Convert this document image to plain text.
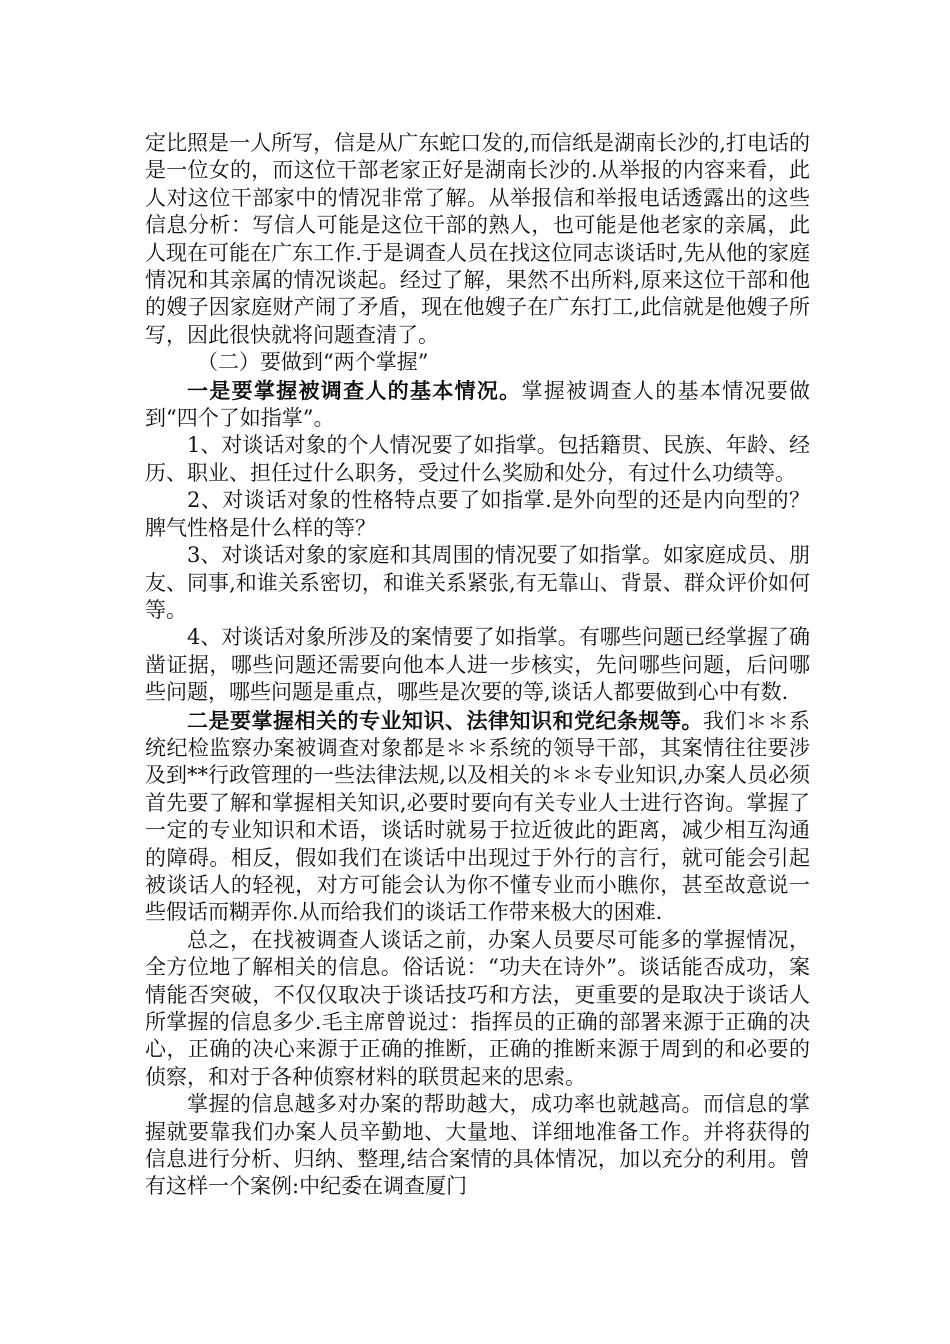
定比照是一人所写，信是从广东蛇口发的,而信纸是湖南长沙的,打电话的是一位女的，而这位干部老家正好是湖南长沙的.从举报的内容来看，此人对这位干部家中的情况非常了解。从举报信和举报电话透露出的这些信息分析：写信人可能是这位干部的熟人，也可能是他老家的亲属，此人现在可能在广东工作.于是调查人员在找这位同志谈话时,先从他的家庭情况和其亲属的情况谈起。经过了解，果然不出所料,原来这位干部和他的嫂子因家庭财产闹了矛盾，现在他嫂子在广东打工,此信就是他嫂子所写，因此很快就将问题查清了。

（二）要做到“两个掌握”

一是要掌握被调查人的基本情况。掌握被调查人的基本情况要做到“四个了如指掌”。

1、对谈话对象的个人情况要了如指掌。包括籍贯、民族、年龄、经历、职业、担任过什么职务，受过什么奖励和处分，有过什么功绩等。

2、对谈话对象的性格特点要了如指掌.是外向型的还是内向型的？脾气性格是什么样的等？

3、对谈话对象的家庭和其周围的情况要了如指掌。如家庭成员、朋友、同事,和谁关系密切，和谁关系紧张,有无靠山、背景、群众评价如何等。

4、对谈话对象所涉及的案情要了如指掌。有哪些问题已经掌握了确凿证据，哪些问题还需要向他本人进一步核实，先问哪些问题，后问哪些问题，哪些问题是重点，哪些是次要的等,谈话人都要做到心中有数.

二是要掌握相关的专业知识、法律知识和党纪条规等。我们＊＊系统纪检监察办案被调查对象都是＊＊系统的领导干部，其案情往往要涉及到**行政管理的一些法律法规,以及相关的＊＊专业知识,办案人员必须首先要了解和掌握相关知识,必要时要向有关专业人士进行咨询。掌握了一定的专业知识和术语，谈话时就易于拉近彼此的距离，减少相互沟通的障碍。相反，假如我们在谈话中出现过于外行的言行，就可能会引起被谈话人的轻视，对方可能会认为你不懂专业而小瞧你，甚至故意说一些假话而糊弄你.从而给我们的谈话工作带来极大的困难.

总之，在找被调查人谈话之前，办案人员要尽可能多的掌握情况，全方位地了解相关的信息。俗话说：“功夫在诗外”。谈话能否成功，案情能否突破，不仅仅取决于谈话技巧和方法，更重要的是取决于谈话人所掌握的信息多少.毛主席曾说过：指挥员的正确的部署来源于正确的决心，正确的决心来源于正确的推断，正确的推断来源于周到的和必要的侦察，和对于各种侦察材料的联贯起来的思索。

掌握的信息越多对办案的帮助越大，成功率也就越高。而信息的掌握就要靠我们办案人员辛勤地、大量地、详细地准备工作。并将获得的信息进行分析、归纳、整理,结合案情的具体情况，加以充分的利用。曾有这样一个案例:中纪委在调查厦门
